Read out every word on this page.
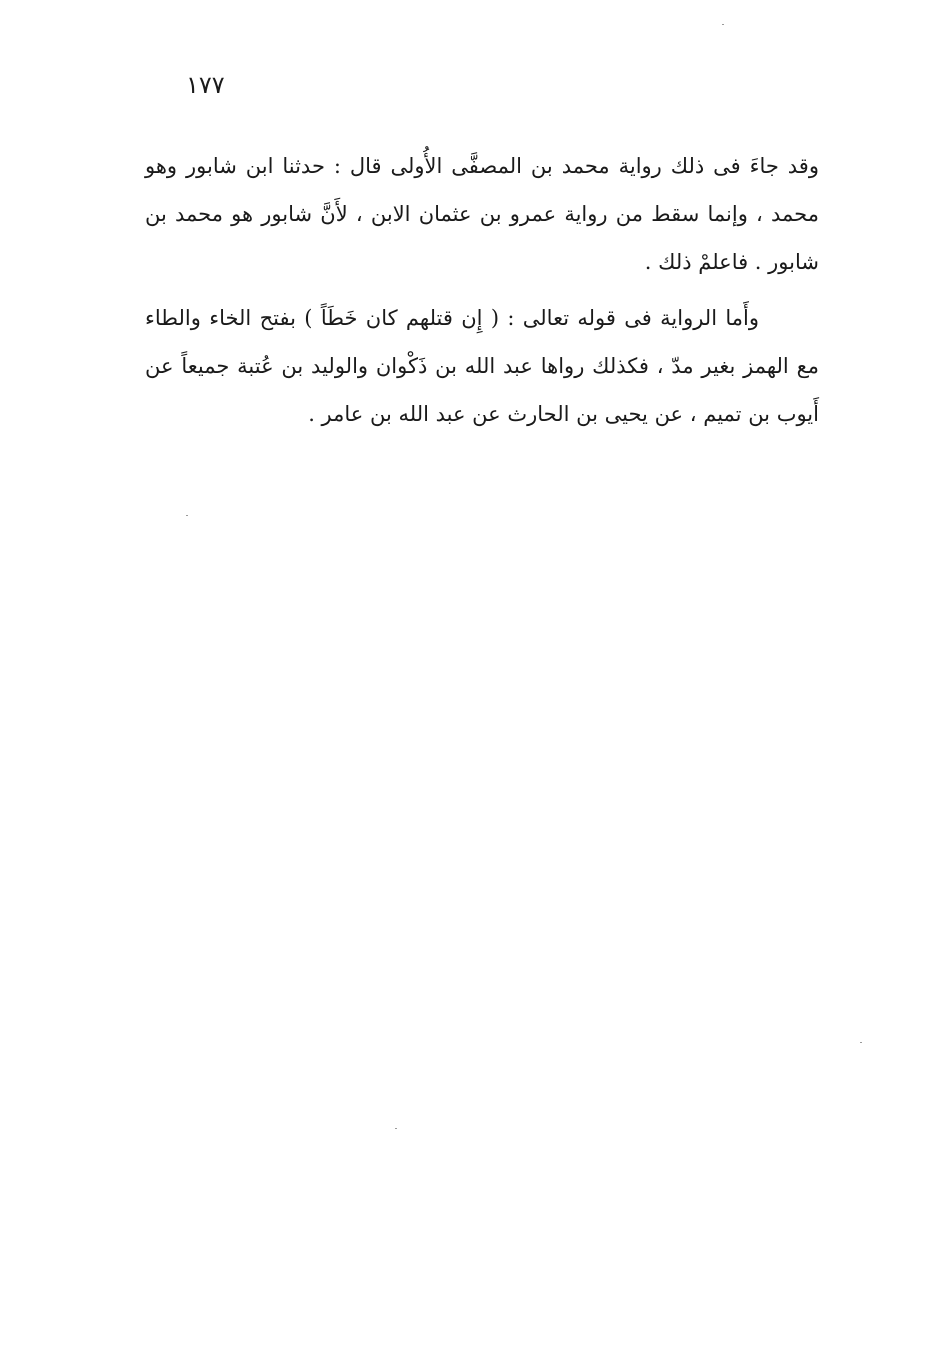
١٧٧

وقد جاءَ فى ذلك رواية محمد بن المصفَّى الأُولى قال : حدثنا ابن شابور وهو محمد ، وإنما سقط من رواية عمرو بن عثمان الابن ، لأَنَّ شابور هو محمد بن شابور . فاعلمْ ذلك .

وأَما الرواية فى قوله تعالى : ( إِن قتلهم كان خَطَاً ) بفتح الخاء والطاء مع الهمز بغير مدّ ، فكذلك رواها عبد الله بن ذَكْوان والوليد بن عُتبة جميعاً عن أَيوب بن تميم ، عن يحيى بن الحارث عن عبد الله بن عامر .
